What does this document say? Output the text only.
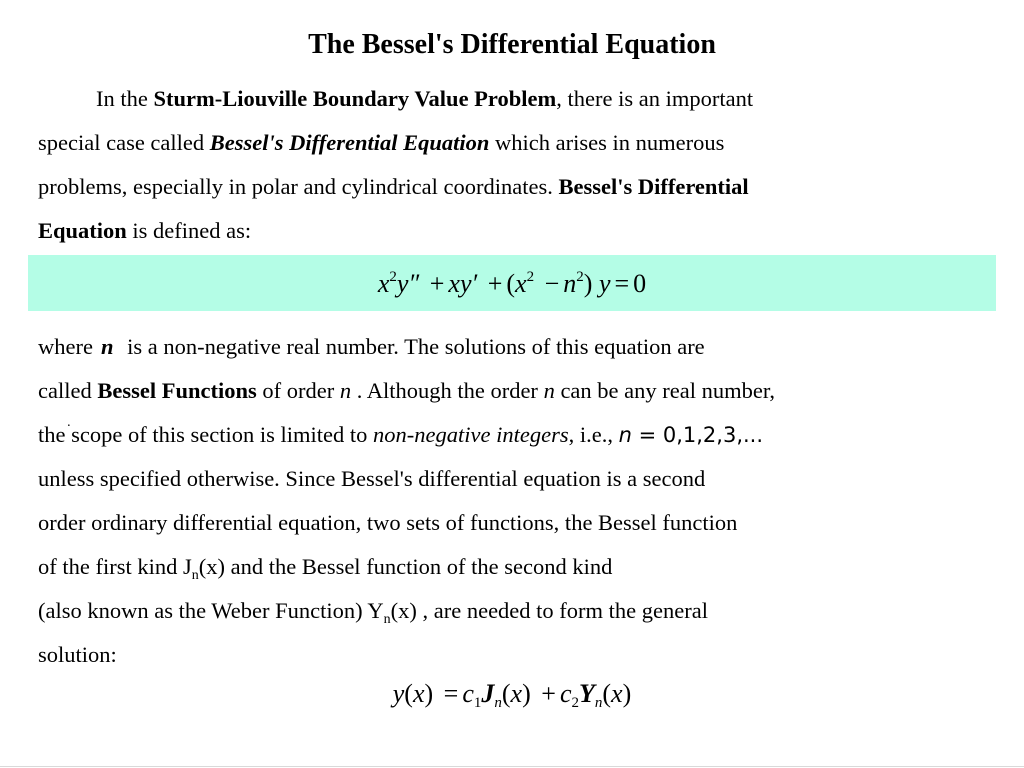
The Bessel's Differential Equation
In the Sturm-Liouville Boundary Value Problem, there is an important
special case called Bessel's Differential Equation which arises in numerous
problems, especially in polar and cylindrical coordinates. Bessel's Differential
Equation is defined as:
$x^2y'' + xy' + (x^2 - n^2) y = 0$
where n is a non-negative real number. The solutions of this equation are
called Bessel Functions of order n . Although the order n can be any real number,
the·scope of this section is limited to non-negative integers, i.e., n = 0,1,2,3,...
unless specified otherwise. Since Bessel's differential equation is a second
order ordinary differential equation, two sets of functions, the Bessel function
of the first kind $J_n(x)$ and the Bessel function of the second kind
(also known as the Weber Function) $Y_n(x)$ , are needed to form the general
solution:
$y(x) = c_1J_n(x) + c_2Y_n(x)$
